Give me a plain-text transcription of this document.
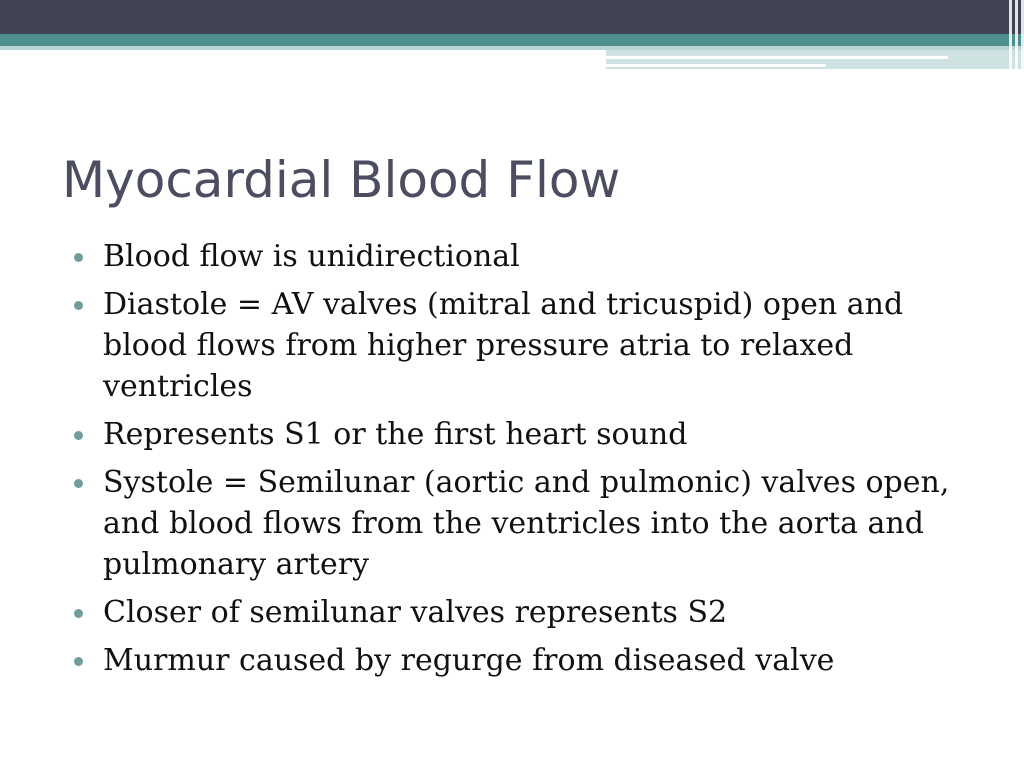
Myocardial Blood Flow
Blood flow is unidirectional
Diastole = AV valves (mitral and tricuspid) open and blood flows from higher pressure atria to relaxed ventricles
Represents S1 or the first heart sound
Systole = Semilunar (aortic and pulmonic) valves open, and blood flows from the ventricles into the aorta and pulmonary artery
Closer of semilunar valves represents S2
Murmur caused by regurge from diseased valve
